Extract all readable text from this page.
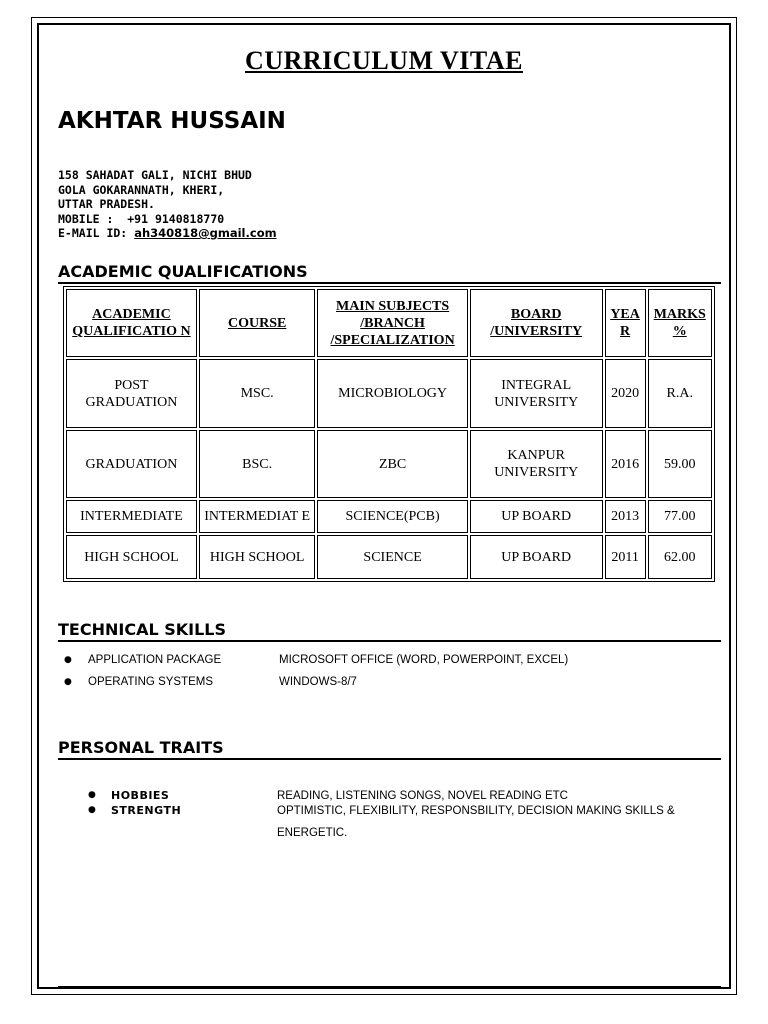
CURRICULUM VITAE
AKHTAR HUSSAIN
158 SAHADAT GALI, NICHI BHUD
GOLA GOKARANNATH, KHERI,
UTTAR PRADESH.
MOBILE : +91 9140818770
E-MAIL ID: ah340818@gmail.com
ACADEMIC QUALIFICATIONS
ACADEMIC QUALIFICATIO N	COURSE	MAIN SUBJECTS /BRANCH /SPECIALIZATION	BOARD /UNIVERSITY	YEA R	MARKS %
POST GRADUATION	MSC.	MICROBIOLOGY	INTEGRAL UNIVERSITY	2020	R.A.
GRADUATION	BSC.	ZBC	KANPUR UNIVERSITY	2016	59.00
INTERMEDIATE	INTERMEDIAT E	SCIENCE(PCB)	UP BOARD	2013	77.00
HIGH SCHOOL	HIGH SCHOOL	SCIENCE	UP BOARD	2011	62.00
TECHNICAL SKILLS
● APPLICATION PACKAGE	MICROSOFT OFFICE (WORD, POWERPOINT, EXCEL)
● OPERATING SYSTEMS	WINDOWS-8/7
PERSONAL TRAITS
● HOBBIES	READING, LISTENING SONGS, NOVEL READING ETC
● STRENGTH	OPTIMISTIC, FLEXIBILITY, RESPONSBILITY, DECISION MAKING SKILLS & ENERGETIC.
